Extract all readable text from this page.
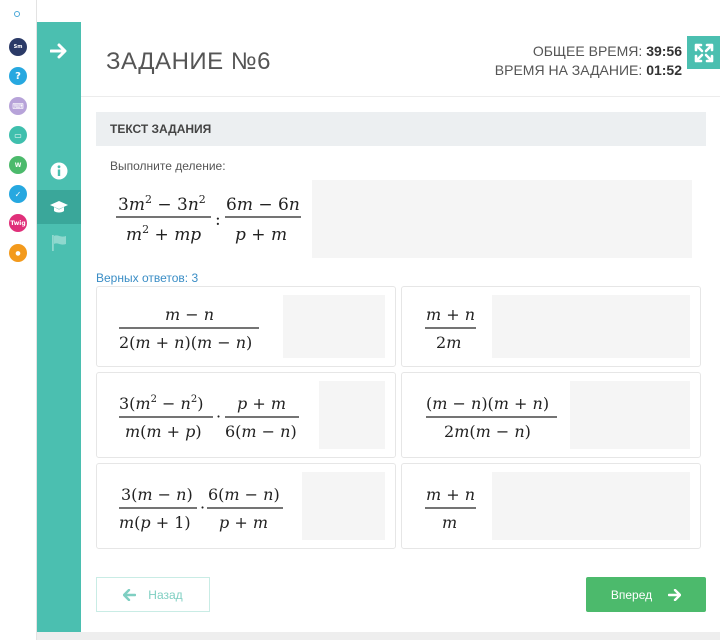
Sm
?
⌨
▭
W
✓
Twig
●
ЗАДАНИЕ №6	ОБЩЕЕ ВРЕМЯ: 39:56
ВРЕМЯ НА ЗАДАНИЕ: 01:52
ТЕКСТ ЗАДАНИЯ
Выполните деление:
$3m^2 - 3n^2$
$m^2$ + mp
:
6m − 6n
p + m
Верных ответов: 3
m − n
2(m + n)(m − n)
m + n
2m
$3(m^2 - n^2)$
m(m + p)
·
p + m
6(m − n)
(m − n)(m + n)
2m(m − n)
3(m − n)
m(p + 1)
·
6(m − n)
p + m
m + n
m
Назад	Вперед
